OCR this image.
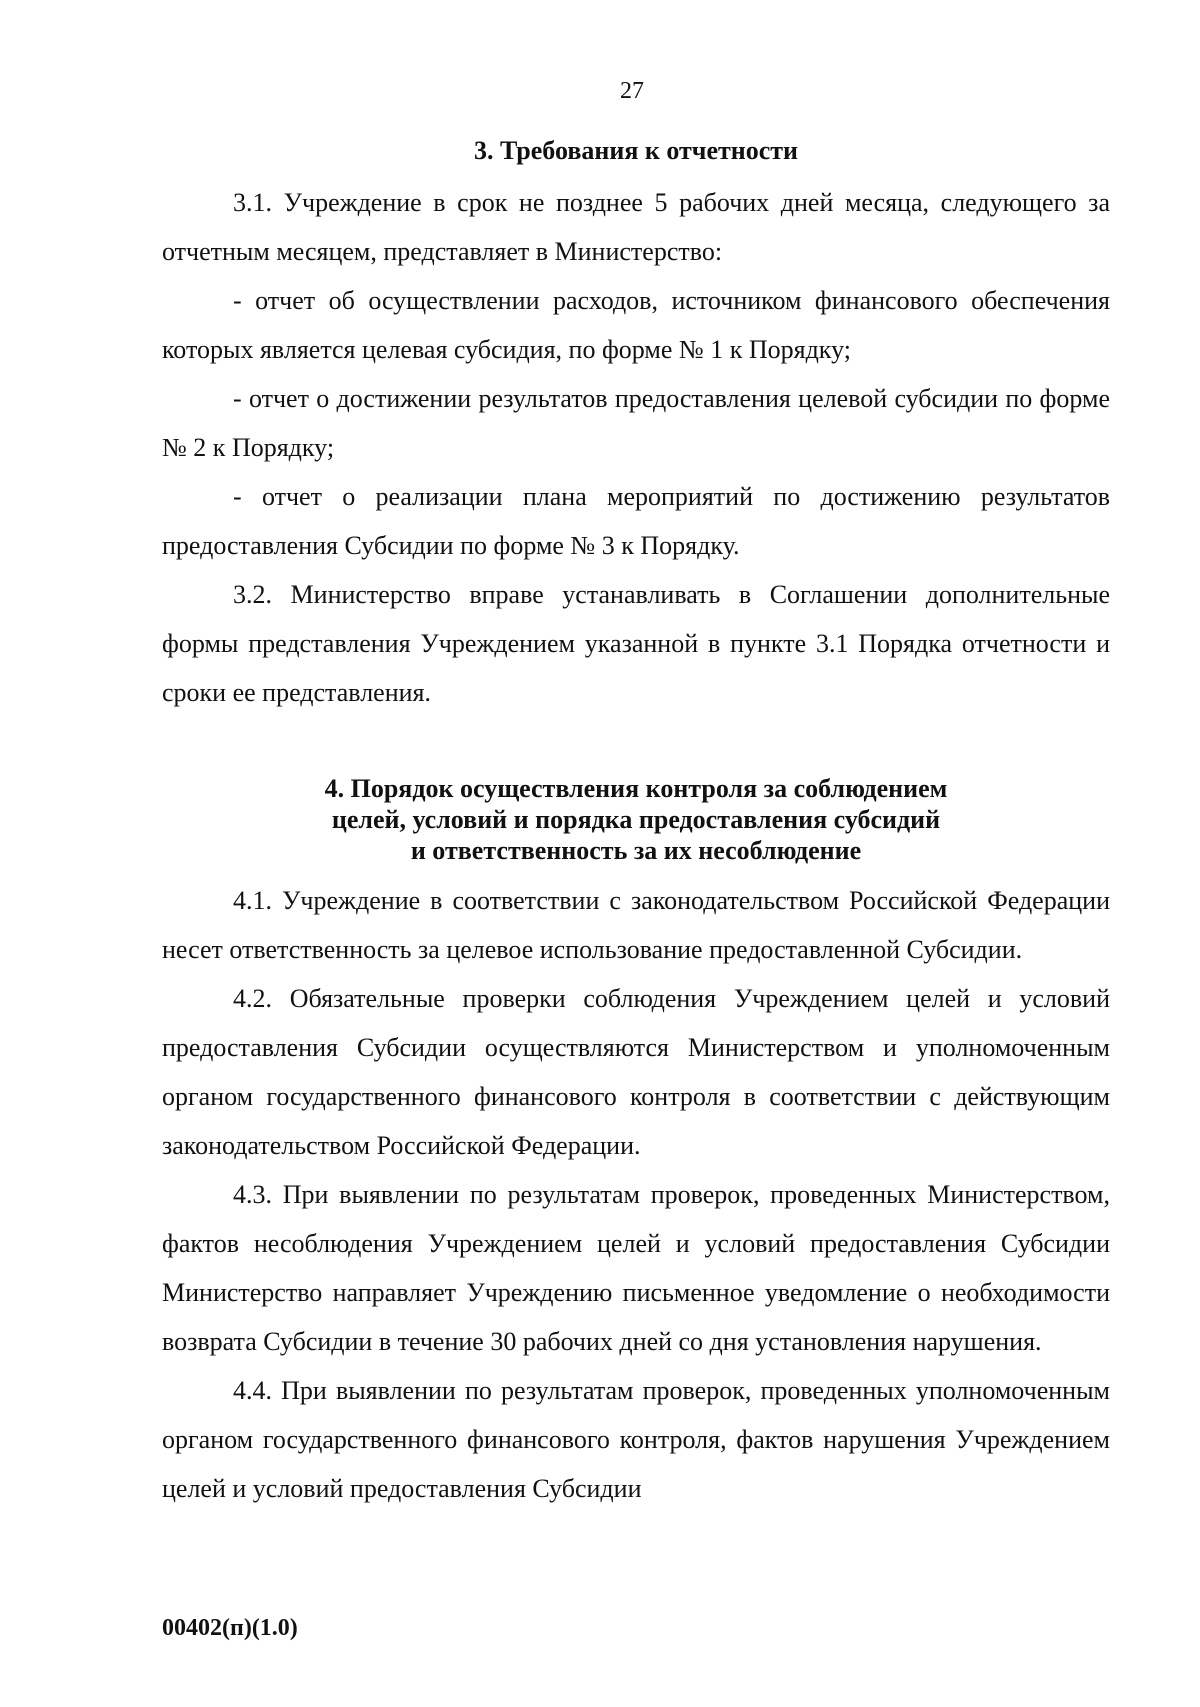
27
3. Требования к отчетности

3.1. Учреждение в срок не позднее 5 рабочих дней месяца, следующего за отчетным месяцем, представляет в Министерство:

- отчет об осуществлении расходов, источником финансового обеспечения которых является целевая субсидия, по форме № 1 к Порядку;

- отчет о достижении результатов предоставления целевой субсидии по форме № 2 к Порядку;

- отчет о реализации плана мероприятий по достижению результатов предоставления Субсидии по форме № 3 к Порядку.

3.2. Министерство вправе устанавливать в Соглашении дополнительные формы представления Учреждением указанной в пункте 3.1 Порядка отчетности и сроки ее представления.

4. Порядок осуществления контроля за соблюдением
целей, условий и порядка предоставления субсидий
и ответственность за их несоблюдение

4.1. Учреждение в соответствии с законодательством Российской Федерации несет ответственность за целевое использование предоставленной Субсидии.

4.2. Обязательные проверки соблюдения Учреждением целей и условий предоставления Субсидии осуществляются Министерством и уполномоченным органом государственного финансового контроля в соответствии с действующим законодательством Российской Федерации.

4.3. При выявлении по результатам проверок, проведенных Министерством, фактов несоблюдения Учреждением целей и условий предоставления Субсидии Министерство направляет Учреждению письменное уведомление о необходимости возврата Субсидии в течение 30 рабочих дней со дня установления нарушения.

4.4. При выявлении по результатам проверок, проведенных уполномоченным органом государственного финансового контроля, фактов нарушения Учреждением целей и условий предоставления Субсидии

00402(п)(1.0)
